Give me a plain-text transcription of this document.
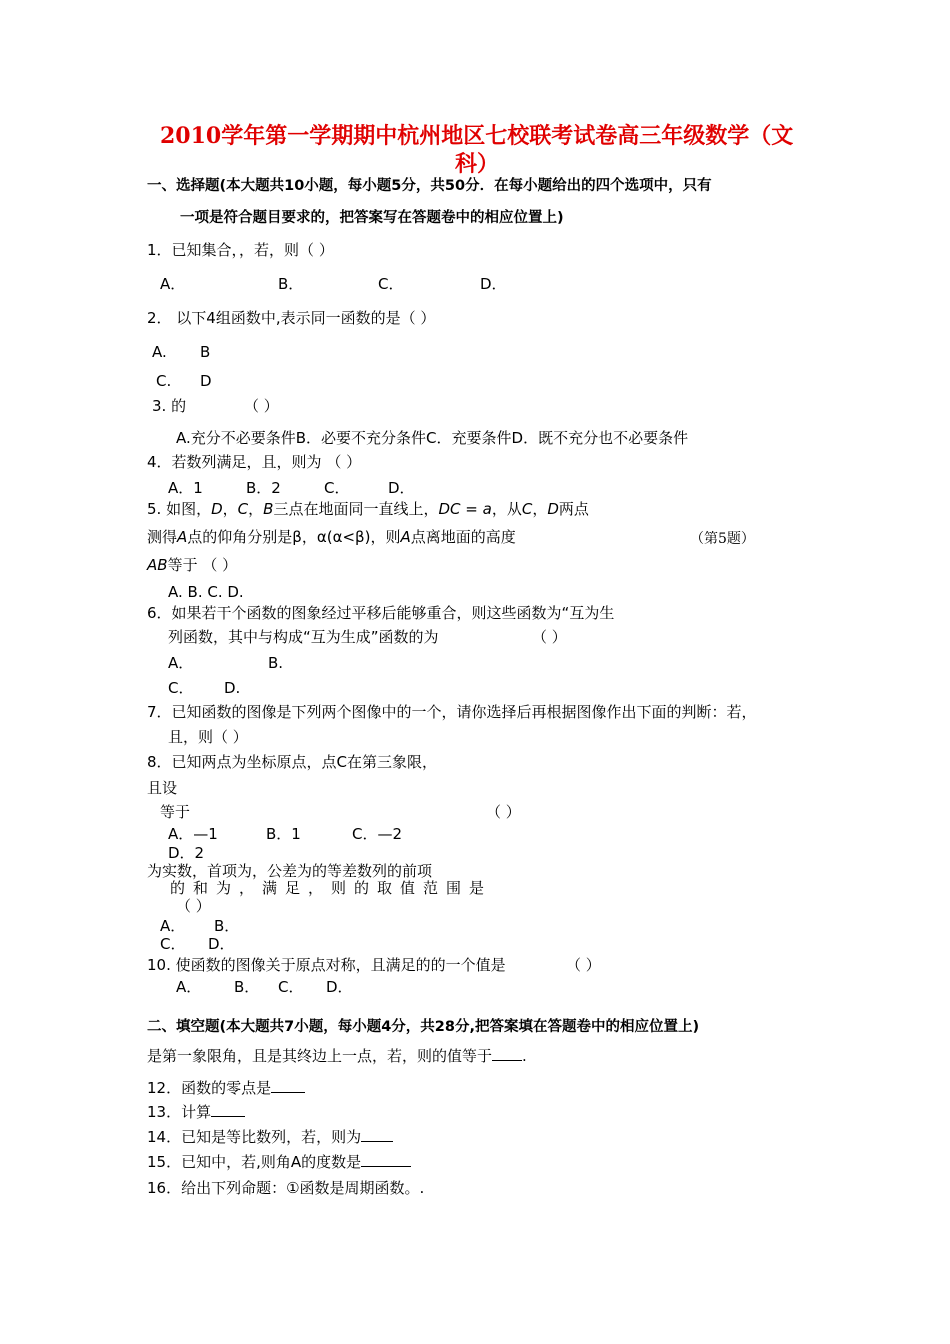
2010学年第一学期期中杭州地区七校联考试卷高三年级数学（文
科）
一、选择题(本大题共10小题，每小题5分，共50分．在每小题给出的四个选项中，只有
一项是符合题目要求的，把答案写在答题卷中的相应位置上)
1．已知集合，，若，则（ ）
A．	B．	C．	D．
2． 以下4组函数中,表示同一函数的是（ ）
A. B
C. D
3. 的	（ ）
A.充分不必要条件B．必要不充分条件C．充要条件D．既不充分也不必要条件
4．若数列满足，且，则为 （ ）
A．1	B．2	C．	D．
5. 如图，D，C，B三点在地面同一直线上，DC = a，从C，D两点
测得A点的仰角分别是β，α(α<β)，则A点离地面的高度	（第5题）
AB等于 （ ）
A. B. C. D.
6．如果若干个函数的图象经过平移后能够重合，则这些函数为“互为生
列函数，其中与构成“互为生成”函数的为	（ ）
A．	B.
C． D.
7．已知函数的图像是下列两个图像中的一个，请你选择后再根据图像作出下面的判断：若，
且，则（ ）
8．已知两点为坐标原点，点C在第三象限，
且设
等于	（ ）
A．—1	B．1	C．—2
D．2
为实数，首项为，公差为的等差数列的前项
的和为，满足，则的取值范围是
（ ）
A． B．
C． D．
10. 使函数的图像关于原点对称，且满足的的一个值是	（ ）
A． B． C． D．
二、填空题(本大题共7小题，每小题4分，共28分,把答案填在答题卷中的相应位置上)
是第一象限角，且是其终边上一点，若，则的值等于 .
12．函数的零点是
13．计算
14．已知是等比数列，若，则为
15．已知中，若,则角A的度数是
16．给出下列命题：①函数是周期函数。.
